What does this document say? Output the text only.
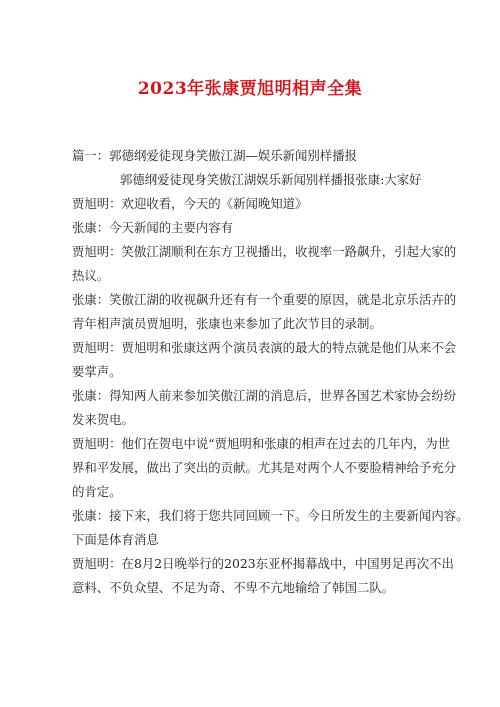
2023年张康贾旭明相声全集
篇一：郭德纲爱徒现身笑傲江湖—娱乐新闻别样播报
郭德纲爱徒现身笑傲江湖娱乐新闻别样播报张康:大家好
贾旭明：欢迎收看，今天的《新闻晚知道》
张康：今天新闻的主要内容有
贾旭明：笑傲江湖顺利在东方卫视播出，收视率一路飙升，引起大家的
热议。
张康：笑傲江湖的收视飙升还有有一个重要的原因，就是北京乐活卉的
青年相声演员贾旭明，张康也来参加了此次节目的录制。
贾旭明：贾旭明和张康这两个演员表演的最大的特点就是他们从来不会
要掌声。
张康：得知两人前来参加笑傲江湖的消息后，世界各国艺术家协会纷纷
发来贺电。
贾旭明：他们在贺电中说“贾旭明和张康的相声在过去的几年内，为世
界和平发展，做出了突出的贡献。尤其是对两个人不要脸精神给予充分
的肯定。
张康：接下来，我们将于您共同回顾一下。今日所发生的主要新闻内容。
下面是体育消息
贾旭明：在8月2日晚举行的2023东亚杯揭幕战中，中国男足再次不出
意料、不负众望、不足为奇、不卑不亢地输给了韩国二队。
